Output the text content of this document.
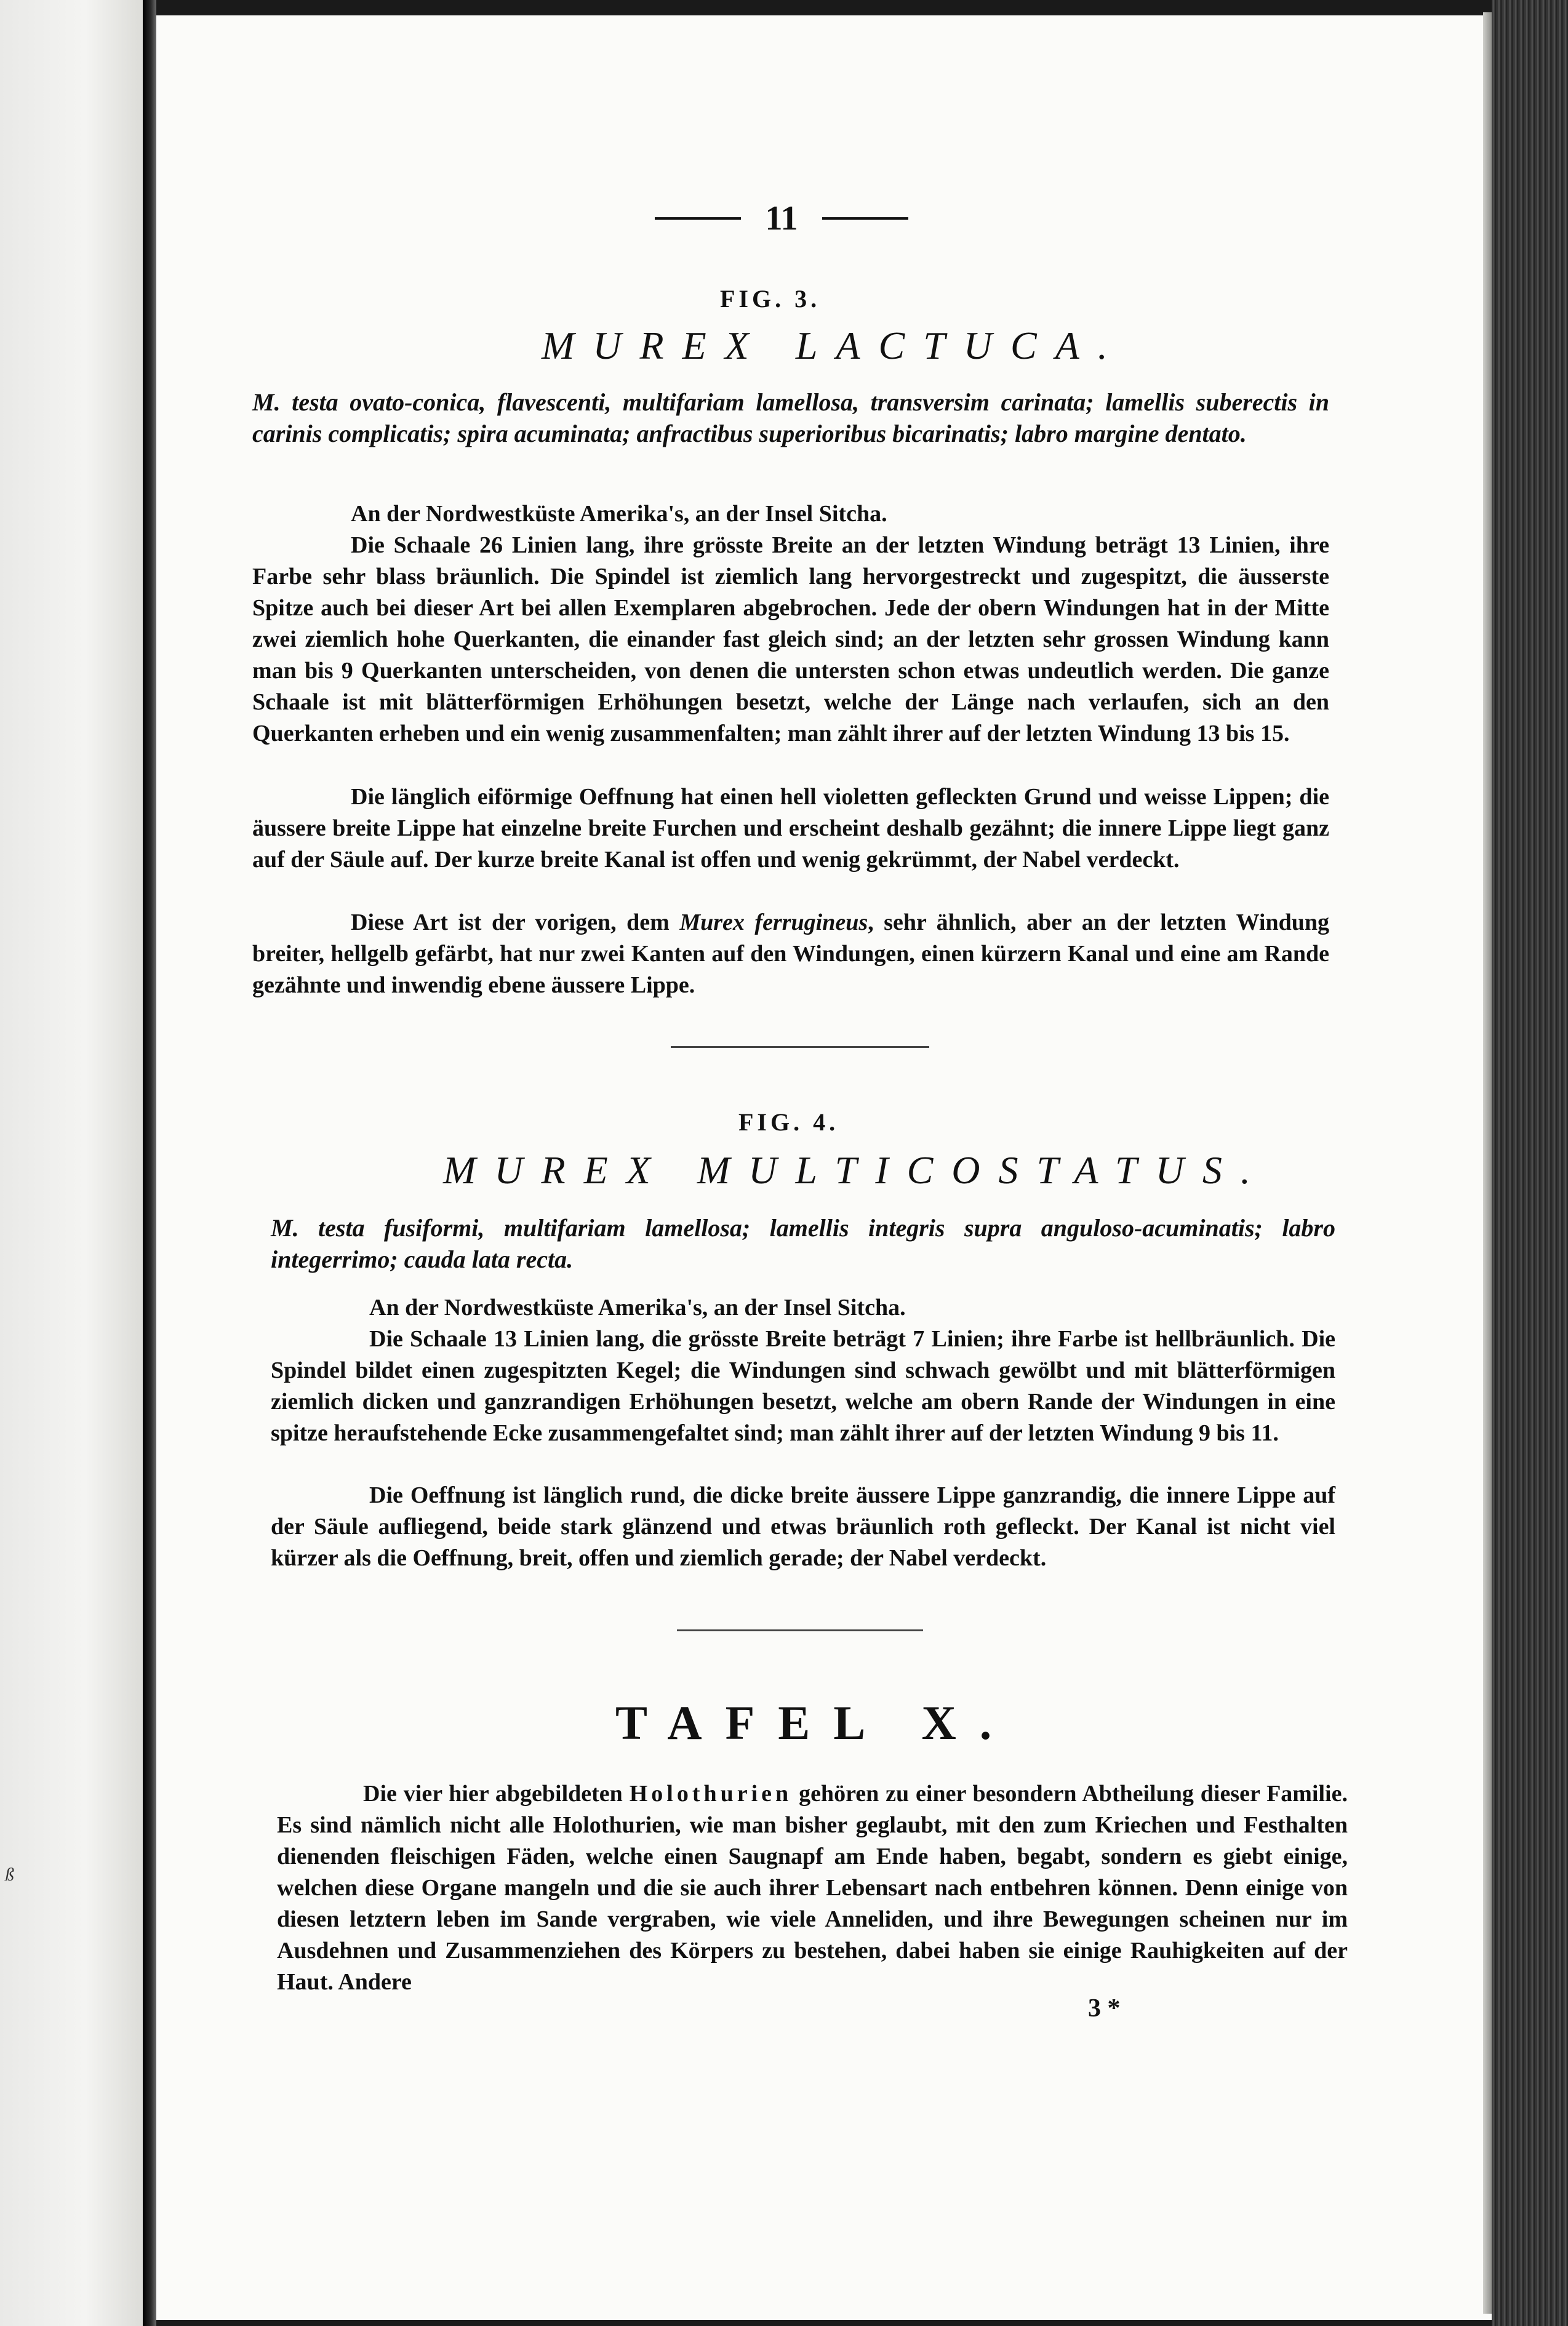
ß
11
FIG. 3.
MUREX LACTUCA.
M. testa ovato-conica, flavescenti, multifariam lamellosa, transversim carinata; lamellis suberectis in carinis complicatis; spira acuminata; anfractibus superioribus bicarinatis; labro margine dentato.
An der Nordwestküste Amerika's, an der Insel Sitcha.
Die Schaale 26 Linien lang, ihre grösste Breite an der letzten Windung beträgt 13 Linien, ihre Farbe sehr blass bräunlich. Die Spindel ist ziemlich lang hervorgestreckt und zugespitzt, die äusserste Spitze auch bei dieser Art bei allen Exemplaren abgebrochen. Jede der obern Windungen hat in der Mitte zwei ziemlich hohe Querkanten, die einander fast gleich sind; an der letzten sehr grossen Windung kann man bis 9 Querkanten unterscheiden, von denen die untersten schon etwas undeutlich werden. Die ganze Schaale ist mit blätterförmigen Erhöhungen besetzt, welche der Länge nach verlaufen, sich an den Querkanten erheben und ein wenig zusammenfalten; man zählt ihrer auf der letzten Windung 13 bis 15.
Die länglich eiförmige Oeffnung hat einen hell violetten gefleckten Grund und weisse Lippen; die äussere breite Lippe hat einzelne breite Furchen und erscheint deshalb gezähnt; die innere Lippe liegt ganz auf der Säule auf. Der kurze breite Kanal ist offen und wenig gekrümmt, der Nabel verdeckt.
Diese Art ist der vorigen, dem Murex ferrugineus, sehr ähnlich, aber an der letzten Windung breiter, hellgelb gefärbt, hat nur zwei Kanten auf den Windungen, einen kürzern Kanal und eine am Rande gezähnte und inwendig ebene äussere Lippe.
FIG. 4.
MUREX MULTICOSTATUS.
M. testa fusiformi, multifariam lamellosa; lamellis integris supra anguloso-acuminatis; labro integerrimo; cauda lata recta.
An der Nordwestküste Amerika's, an der Insel Sitcha.
Die Schaale 13 Linien lang, die grösste Breite beträgt 7 Linien; ihre Farbe ist hellbräunlich. Die Spindel bildet einen zugespitzten Kegel; die Windungen sind schwach gewölbt und mit blätterförmigen ziemlich dicken und ganzrandigen Erhöhungen besetzt, welche am obern Rande der Windungen in eine spitze heraufstehende Ecke zusammengefaltet sind; man zählt ihrer auf der letzten Windung 9 bis 11.
Die Oeffnung ist länglich rund, die dicke breite äussere Lippe ganzrandig, die innere Lippe auf der Säule aufliegend, beide stark glänzend und etwas bräunlich roth gefleckt. Der Kanal ist nicht viel kürzer als die Oeffnung, breit, offen und ziemlich gerade; der Nabel verdeckt.
TAFEL X.
Die vier hier abgebildeten Holothurien gehören zu einer besondern Abtheilung dieser Familie. Es sind nämlich nicht alle Holothurien, wie man bisher geglaubt, mit den zum Kriechen und Festhalten dienenden fleischigen Fäden, welche einen Saugnapf am Ende haben, begabt, sondern es giebt einige, welchen diese Organe mangeln und die sie auch ihrer Lebensart nach entbehren können. Denn einige von diesen letztern leben im Sande vergraben, wie viele Anneliden, und ihre Bewegungen scheinen nur im Ausdehnen und Zusammenziehen des Körpers zu bestehen, dabei haben sie einige Rauhigkeiten auf der Haut. Andere
3 *
